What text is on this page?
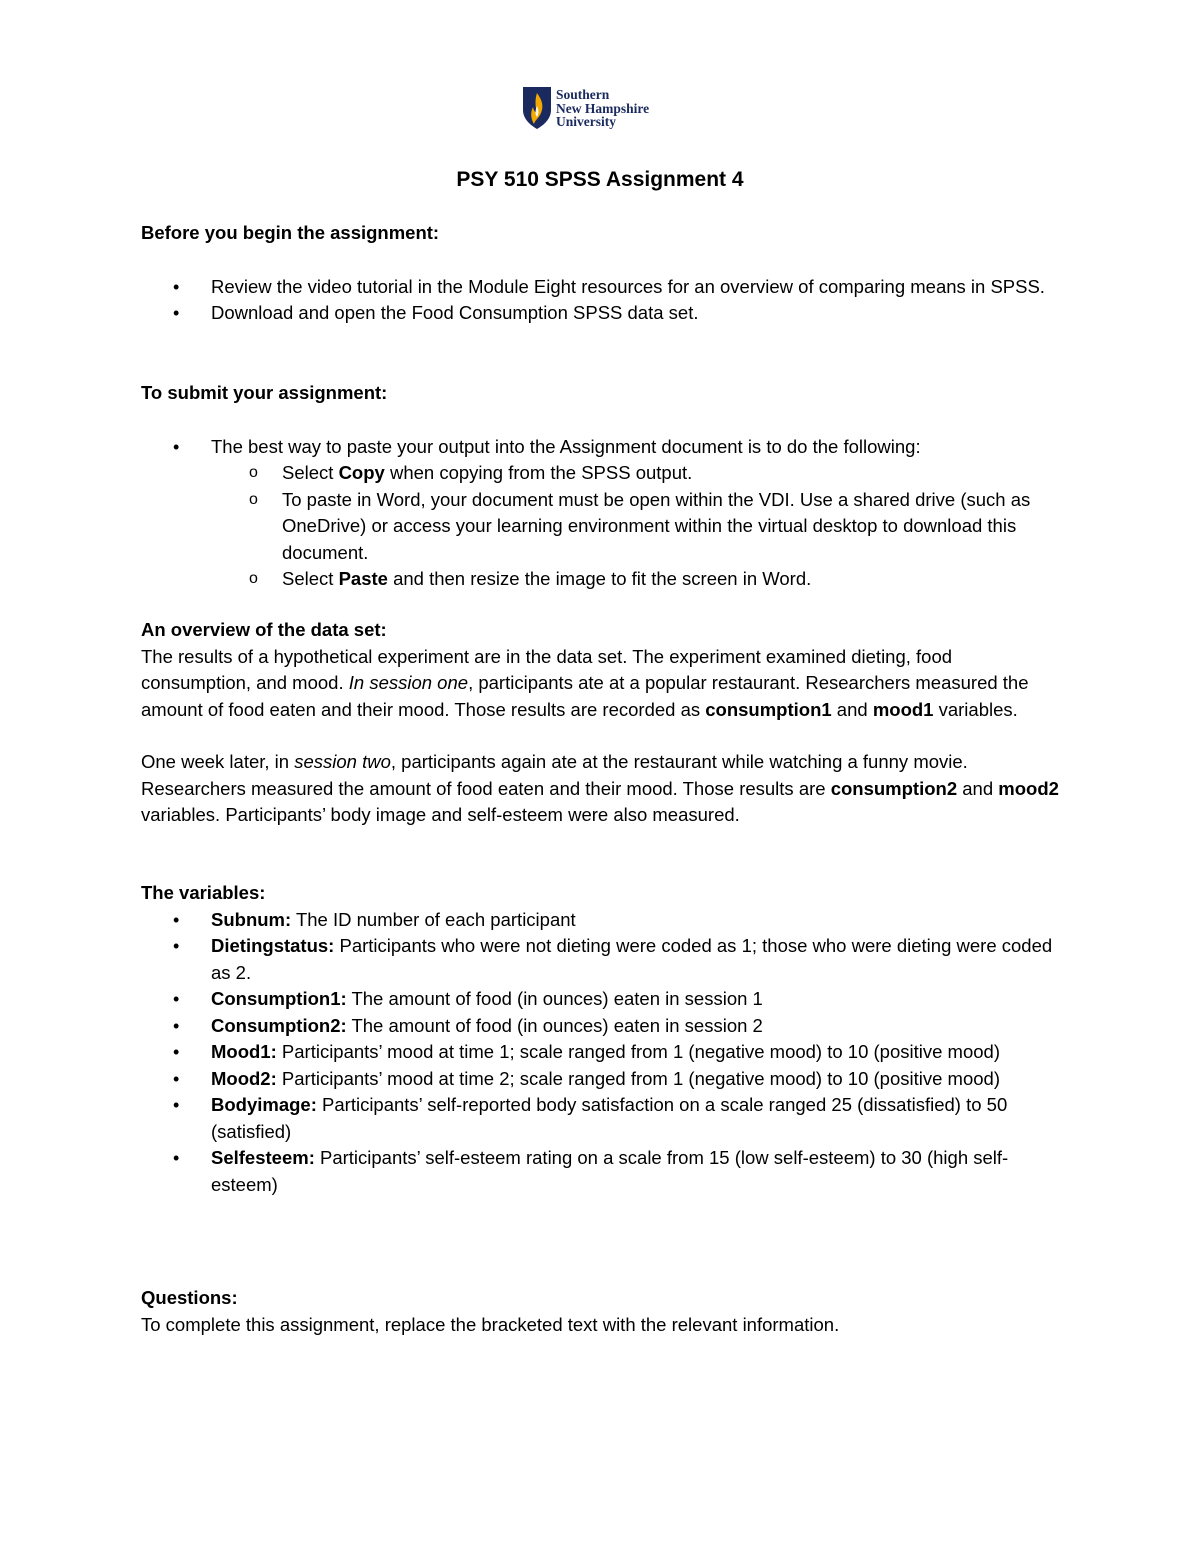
Southern
New Hampshire
University
PSY 510 SPSS Assignment 4

Before you begin the assignment:

• Review the video tutorial in the Module Eight resources for an overview of comparing means in SPSS.
• Download and open the Food Consumption SPSS data set.

To submit your assignment:

• The best way to paste your output into the Assignment document is to do the following:
o Select Copy when copying from the SPSS output.
o To paste in Word, your document must be open within the VDI. Use a shared drive (such as OneDrive) or access your learning environment within the virtual desktop to download this document.
o Select Paste and then resize the image to fit the screen in Word.

An overview of the data set:

The results of a hypothetical experiment are in the data set. The experiment examined dieting, food consumption, and mood. In session one, participants ate at a popular restaurant. Researchers measured the amount of food eaten and their mood. Those results are recorded as consumption1 and mood1 variables.

One week later, in session two, participants again ate at the restaurant while watching a funny movie. Researchers measured the amount of food eaten and their mood. Those results are consumption2 and mood2 variables. Participants’ body image and self-esteem were also measured.

The variables:

• Subnum: The ID number of each participant
• Dietingstatus: Participants who were not dieting were coded as 1; those who were dieting were coded as 2.
• Consumption1: The amount of food (in ounces) eaten in session 1
• Consumption2: The amount of food (in ounces) eaten in session 2
• Mood1: Participants’ mood at time 1; scale ranged from 1 (negative mood) to 10 (positive mood)
• Mood2: Participants’ mood at time 2; scale ranged from 1 (negative mood) to 10 (positive mood)
• Bodyimage: Participants’ self-reported body satisfaction on a scale ranged 25 (dissatisfied) to 50 (satisfied)
• Selfesteem: Participants’ self-esteem rating on a scale from 15 (low self-esteem) to 30 (high self-esteem)

Questions:

To complete this assignment, replace the bracketed text with the relevant information.
